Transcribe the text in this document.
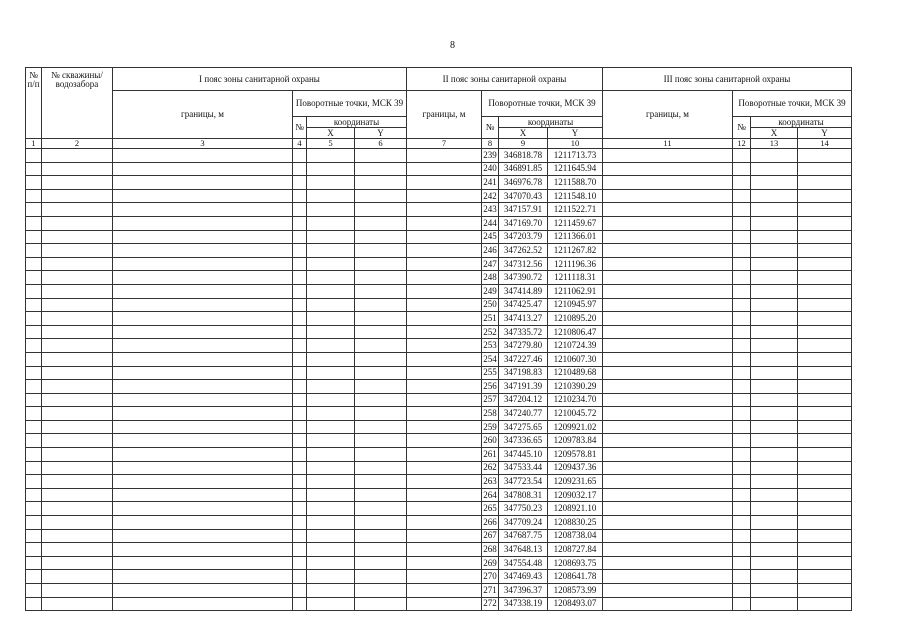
8
№ п/п	№ скважины/ водозабора	I пояс зоны санитарной охраны				II пояс зоны санитарной охраны				III пояс зоны санитарной охраны			
		границы, м	Поворотные точки, МСК 39			границы, м	Поворотные точки, МСК 39			границы, м	Поворотные точки, МСК 39		
			№	координаты			№	координаты			№	координаты	
				X	Y			X	Y			X	Y
1	2	3	4	5	6	7	8	9	10	11	12	13	14
							239	346818.78	1211713.73				
							240	346891.85	1211645.94				
							241	346976.78	1211588.70				
							242	347070.43	1211548.10				
							243	347157.91	1211522.71				
							244	347169.70	1211459.67				
							245	347203.79	1211366.01				
							246	347262.52	1211267.82				
							247	347312.56	1211196.36				
							248	347390.72	1211118.31				
							249	347414.89	1211062.91				
							250	347425.47	1210945.97				
							251	347413.27	1210895.20				
							252	347335.72	1210806.47				
							253	347279.80	1210724.39				
							254	347227.46	1210607.30				
							255	347198.83	1210489.68				
							256	347191.39	1210390.29				
							257	347204.12	1210234.70				
							258	347240.77	1210045.72				
							259	347275.65	1209921.02				
							260	347336.65	1209783.84				
							261	347445.10	1209578.81				
							262	347533.44	1209437.36				
							263	347723.54	1209231.65				
							264	347808.31	1209032.17				
							265	347750.23	1208921.10				
							266	347709.24	1208830.25				
							267	347687.75	1208738.04				
							268	347648.13	1208727.84				
							269	347554.48	1208693.75				
							270	347469.43	1208641.78				
							271	347396.37	1208573.99				
							272	347338.19	1208493.07				
